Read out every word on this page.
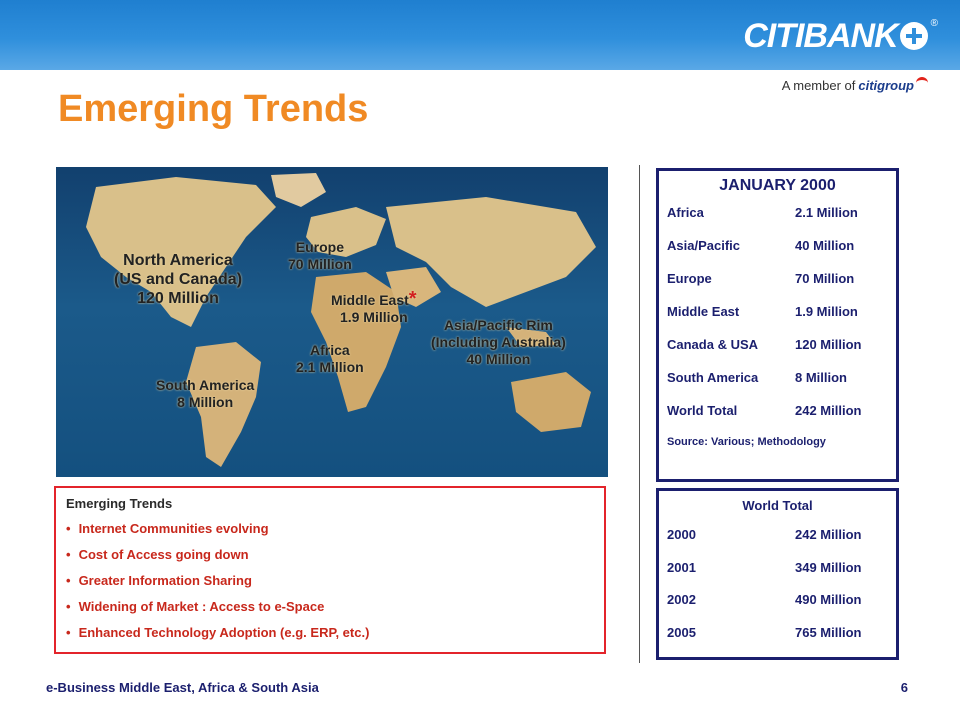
CITIBANK	®
A member of citigroup
Emerging Trends
North America
(US and Canada)
120 Million
Europe
70 Million
Middle East*
1.9 Million	Asia/Pacific Rim
(Including Australia)
40 Million
Africa
2.1 Million
South America
8 Million

Emerging Trends

• Internet Communities evolving
• Cost of Access going down
• Greater Information Sharing
• Widening of Market : Access to e-Space
• Enhanced Technology Adoption (e.g. ERP, etc.)

JANUARY 2000

Africa	2.1 Million
Asia/Pacific	40 Million
Europe	70 Million
Middle East	1.9 Million
Canada & USA	120 Million
South America	8 Million
World Total	242 Million

Source: Various; Methodology

World Total

2000	242 Million
2001	349 Million
2002	490 Million
2005	765 Million
e-Business Middle East, Africa & South Asia	6
